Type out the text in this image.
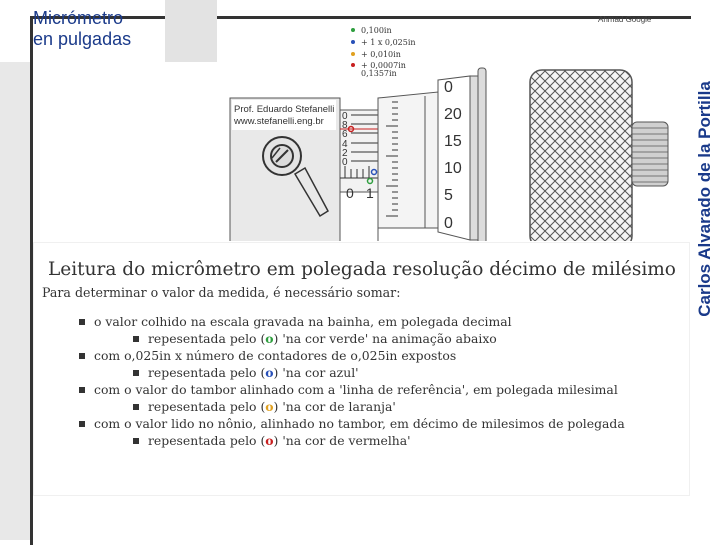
Micrómetro
en pulgadas
Carlos Alvarado de la Portilla
Ahmad Google
0,100in
+ 1 x 0,025in
+ 0,010in
+ 0,0007in
0,1357in
Prof. Eduardo Stefanelli
www.stefanelli.eng.br 0
8
6
4
2
0
0 1
0
20
15
10
5
0
Leitura do micrômetro em polegada resolução décimo de milésimo
Para determinar o valor da medida, é necessário somar:
o valor colhido na escala gravada na bainha, em polegada decimal
repesentada pelo (o) 'na cor verde' na animação abaixo
com o,025in x número de contadores de o,025in expostos
repesentada pelo (o) 'na cor azul'
com o valor do tambor alinhado com a 'linha de referência', em polegada milesimal
repesentada pelo (o) 'na cor de laranja'
com o valor lido no nônio, alinhado no tambor, em décimo de milesimos de polegada
repesentada pelo (o) 'na cor de vermelha'
